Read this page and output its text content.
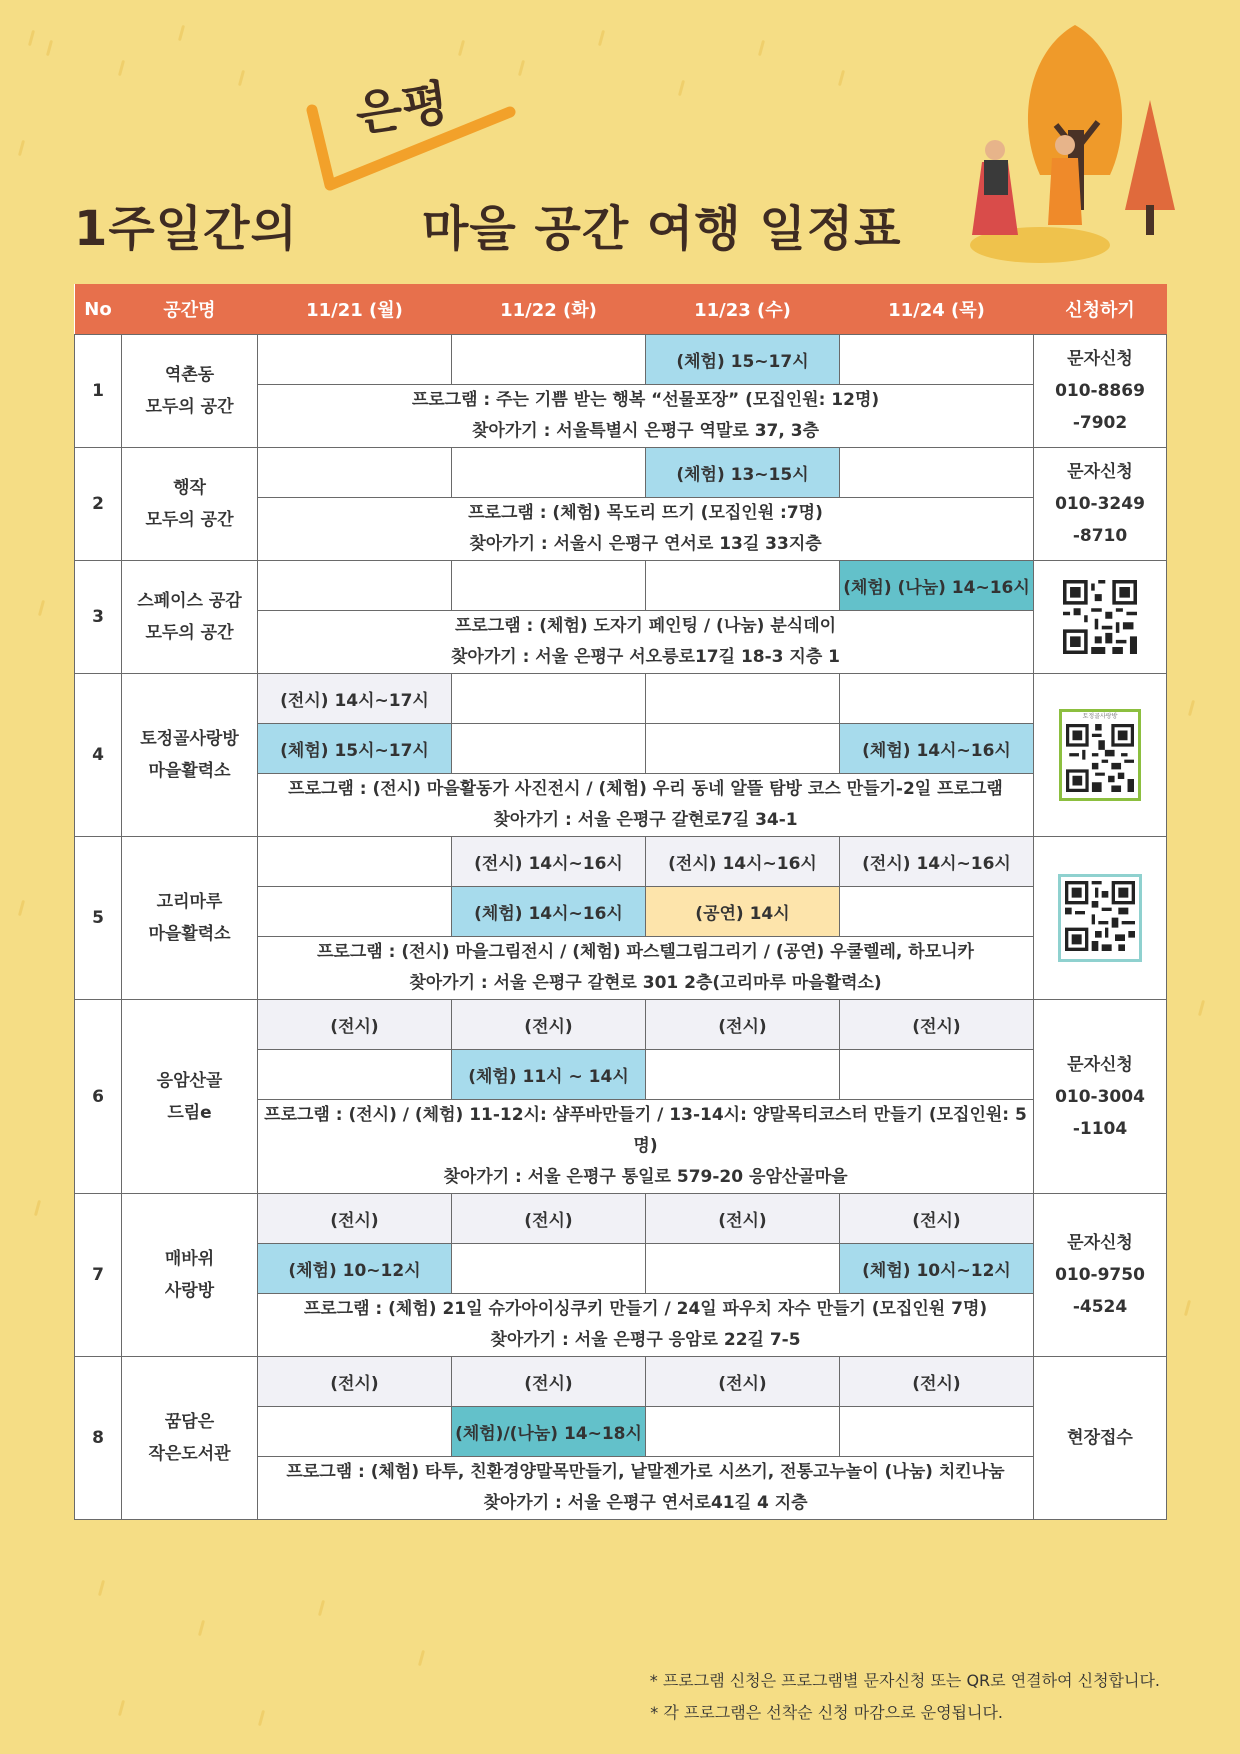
은평
1주일간의	마을 공간 여행 일정표
No	공간명	11/21 (월)	11/22 (화)	11/23 (수)	11/24 (목)	신청하기
1	역촌동
모두의 공간			(체험) 15~17시		문자신청
010-8869
-7902
		프로그램 : 주는 기쁨 받는 행복 “선물포장” (모집인원: 12명)
찾아가기 : 서울특별시 은평구 역말로 37, 3층				
2	행작
모두의 공간			(체험) 13~15시		문자신청
010-3249
-8710
		프로그램 : (체험) 목도리 뜨기 (모집인원 :7명)
찾아가기 : 서울시 은평구 연서로 13길 33지층				
3	스페이스 공감
모두의 공간				(체험) (나눔) 14~16시	

		프로그램 : (체험) 도자기 페인팅 / (나눔) 분식데이
찾아가기 : 서울 은평구 서오릉로17길 18-3 지층 1				
4	토정골사랑방
마을활력소	(전시) 14시~17시				토정골사랑방

		(체험) 15시~17시			(체험) 14시~16시	
		프로그램 : (전시) 마을활동가 사진전시 / (체험) 우리 동네 알뜰 탐방 코스 만들기-2일 프로그램
찾아가기 : 서울 은평구 갈현로7길 34-1				
5	고리마루
마을활력소		(전시) 14시~16시	(전시) 14시~16시	(전시) 14시~16시	

			(체험) 14시~16시	(공연) 14시		
		프로그램 : (전시) 마을그림전시 / (체험) 파스텔그림그리기 / (공연) 우쿨렐레, 하모니카
찾아가기 : 서울 은평구 갈현로 301 2층(고리마루 마을활력소)				
6	응암산골
드림e	(전시)	(전시)	(전시)	(전시)	문자신청
010-3004
-1104
			(체험) 11시 ~ 14시			
		프로그램 : (전시) / (체험) 11-12시: 샴푸바만들기 / 13-14시: 양말목티코스터 만들기 (모집인원: 5명)
찾아가기 : 서울 은평구 통일로 579-20 응암산골마을				
7	매바위
사랑방	(전시)	(전시)	(전시)	(전시)	문자신청
010-9750
-4524
		(체험) 10~12시			(체험) 10시~12시	
		프로그램 : (체험) 21일 슈가아이싱쿠키 만들기 / 24일 파우치 자수 만들기 (모집인원 7명)
찾아가기 : 서울 은평구 응암로 22길 7-5				
8	꿈담은
작은도서관	(전시)	(전시)	(전시)	(전시)	현장접수
			(체험)/(나눔) 14~18시			
		프로그램 : (체험) 타투, 친환경양말목만들기, 낱말젠가로 시쓰기, 전통고누놀이 (나눔) 치킨나눔
찾아가기 : 서울 은평구 연서로41길 4 지층				
* 프로그램 신청은 프로그램별 문자신청 또는 QR로 연결하여 신청합니다.
* 각 프로그램은 선착순 신청 마감으로 운영됩니다.
